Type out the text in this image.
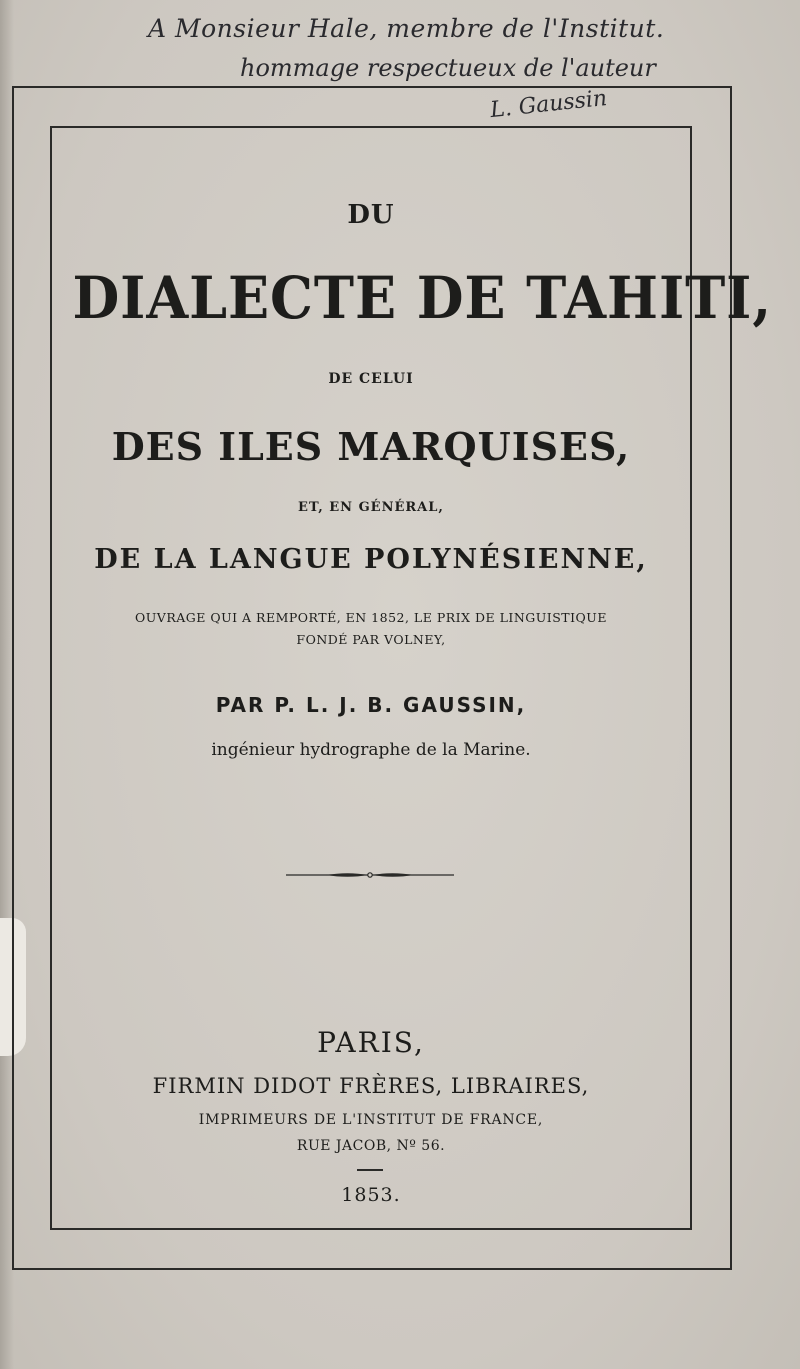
A Monsieur Hale, membre de l'Institut.
hommage respectueux de l'auteur
L. Gaussin
DU
DIALECTE DE TAHITI,
DE CELUI
DES ILES MARQUISES,
ET, EN GÉNÉRAL,
DE LA LANGUE POLYNÉSIENNE,
OUVRAGE QUI A REMPORTÉ, EN 1852, LE PRIX DE LINGUISTIQUE
FONDÉ PAR VOLNEY,
PAR P. L. J. B. GAUSSIN,
ingénieur hydrographe de la Marine.
PARIS,
FIRMIN DIDOT FRÈRES, LIBRAIRES,
IMPRIMEURS DE L'INSTITUT DE FRANCE,
RUE JACOB, Nº 56.
1853.
